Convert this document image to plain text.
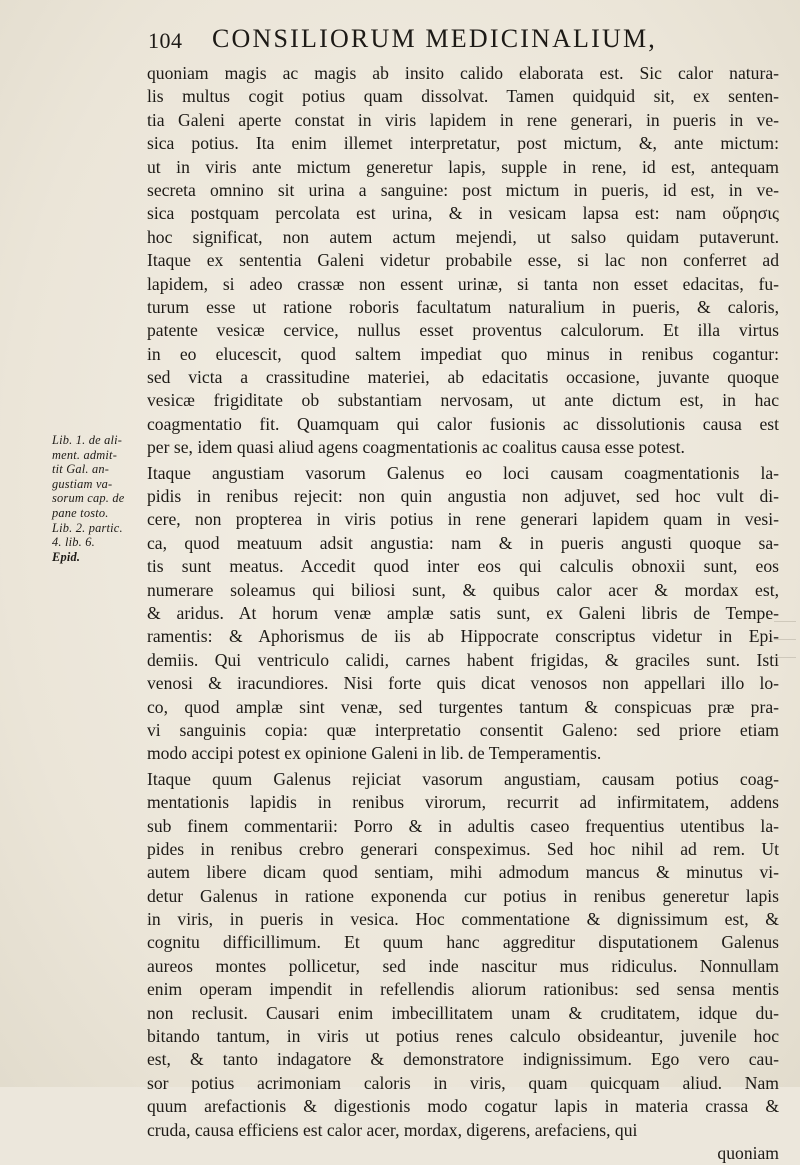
104 CONSILIORUM MEDICINALIUM,
Lib. 1. de ali-
ment. admit-
tit Gal. an-
gustiam va-
sorum cap. de
pane tosto.
Lib. 2. partic.
4. lib. 6.
Epid.
quoniam magis ac magis ab insito calido elaborata est. Sic calor natura-
lis multus cogit potius quam dissolvat. Tamen quidquid sit, ex senten-
tia Galeni aperte constat in viris lapidem in rene generari, in pueris in ve-
sica potius. Ita enim illemet interpretatur, post mictum, &, ante mictum:
ut in viris ante mictum generetur lapis, supple in rene, id est, antequam
secreta omnino sit urina a sanguine: post mictum in pueris, id est, in ve-
sica postquam percolata est urina, & in vesicam lapsa est: nam οὔρησις
hoc significat, non autem actum mejendi, ut salso quidam putaverunt.
Itaque ex sententia Galeni videtur probabile esse, si lac non conferret ad
lapidem, si adeo crassæ non essent urinæ, si tanta non esset edacitas, fu-
turum esse ut ratione roboris facultatum naturalium in pueris, & caloris,
patente vesicæ cervice, nullus esset proventus calculorum. Et illa virtus
in eo elucescit, quod saltem impediat quo minus in renibus cogantur:
sed victa a crassitudine materiei, ab edacitatis occasione, juvante quoque
vesicæ frigiditate ob substantiam nervosam, ut ante dictum est, in hac
coagmentatio fit. Quamquam qui calor fusionis ac dissolutionis causa est
per se, idem quasi aliud agens coagmentationis ac coalitus causa esse potest.
Itaque angustiam vasorum Galenus eo loci causam coagmentationis la-
pidis in renibus rejecit: non quin angustia non adjuvet, sed hoc vult di-
cere, non propterea in viris potius in rene generari lapidem quam in vesi-
ca, quod meatuum adsit angustia: nam & in pueris angusti quoque sa-
tis sunt meatus. Accedit quod inter eos qui calculis obnoxii sunt, eos
numerare soleamus qui biliosi sunt, & quibus calor acer & mordax est,
& aridus. At horum venæ amplæ satis sunt, ex Galeni libris de Tempe-
ramentis: & Aphorismus de iis ab Hippocrate conscriptus videtur in Epi-
demiis. Qui ventriculo calidi, carnes habent frigidas, & graciles sunt. Isti
venosi & iracundiores. Nisi forte quis dicat venosos non appellari illo lo-
co, quod amplæ sint venæ, sed turgentes tantum & conspicuas præ pra-
vi sanguinis copia: quæ interpretatio consentit Galeno: sed priore etiam
modo accipi potest ex opinione Galeni in lib. de Temperamentis.
Itaque quum Galenus rejiciat vasorum angustiam, causam potius coag-
mentationis lapidis in renibus virorum, recurrit ad infirmitatem, addens
sub finem commentarii: Porro & in adultis caseo frequentius utentibus la-
pides in renibus crebro generari conspeximus. Sed hoc nihil ad rem. Ut
autem libere dicam quod sentiam, mihi admodum mancus & minutus vi-
detur Galenus in ratione exponenda cur potius in renibus generetur lapis
in viris, in pueris in vesica. Hoc commentatione & dignissimum est, &
cognitu difficillimum. Et quum hanc aggreditur disputationem Galenus
aureos montes pollicetur, sed inde nascitur mus ridiculus. Nonnullam
enim operam impendit in refellendis aliorum rationibus: sed sensa mentis
non reclusit. Causari enim imbecillitatem unam & cruditatem, idque du-
bitando tantum, in viris ut potius renes calculo obsideantur, juvenile hoc
est, & tanto indagatore & demonstratore indignissimum. Ego vero cau-
sor potius acrimoniam caloris in viris, quam quicquam aliud. Nam
quum arefactionis & digestionis modo cogatur lapis in materia crassa &
cruda, causa efficiens est calor acer, mordax, digerens, arefaciens, qui
quoniam
